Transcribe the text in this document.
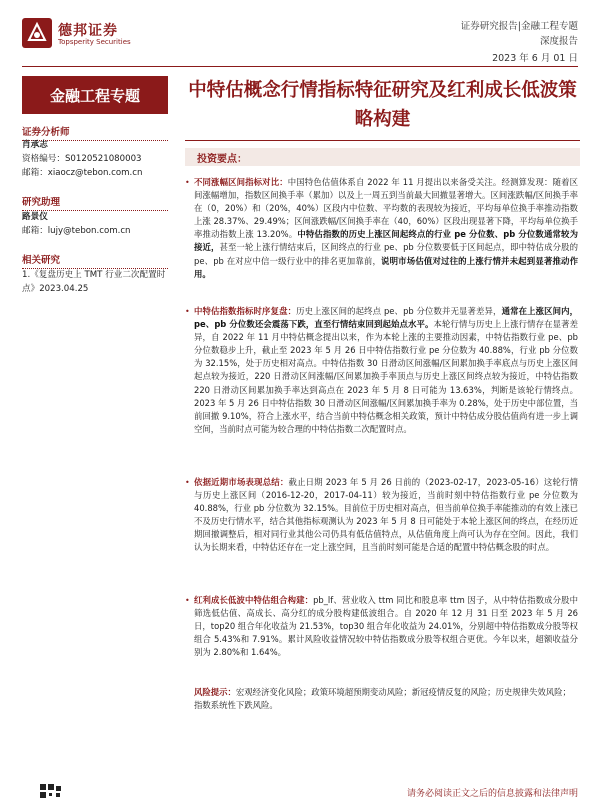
德邦证券
Topsperity Securities
证券研究报告|金融工程专题
深度报告
2023 年 6 月 01 日
金融工程专题
证券分析师
肖承志
资格编号：S0120521080003
邮箱：xiaocz@tebon.com.cn
研究助理
路景仪
邮箱：lujy@tebon.com.cn
相关研究
1.《复盘历史上 TMT 行业二次配置时点》2023.04.25
中特估概念行情指标特征研究及红利成长低波策略构建
投资要点：
• 不同涨幅区间指标对比：中国特色估值体系自 2022 年 11 月提出以来备受关注。经测算发现：随着区间涨幅增加，指数区间换手率（累加）以及上一周五到当前最大回撤显著增大。区间涨跌幅/区间换手率在（0，20%）和（20%，40%）区段内中位数、平均数的表现较为接近，平均每单位换手率推动指数上涨 28.37%、29.49%；区间涨跌幅/区间换手率在（40，60%）区段出现显著下降，平均每单位换手率推动指数上涨 13.20%。中特估指数的历史上涨区间起终点的行业 pe 分位数、pb 分位数通常较为接近，甚至一轮上涨行情结束后，区间终点的行业 pe、pb 分位数要低于区间起点，即中特估成分股的 pe、pb 在对应中信一级行业中的排名更加靠前，说明市场估值对过往的上涨行情并未起到显著推动作用。
• 中特估指数指标时序复盘：历史上涨区间的起终点 pe、pb 分位数并无显著差异，通常在上涨区间内，pe、pb 分位数还会震荡下跌，直至行情结束回到起始点水平。本轮行情与历史上上涨行情存在显著差异，自 2022 年 11 月中特估概念提出以来，作为本轮上涨的主要推动因素，中特估指数行业 pe、pb 分位数稳步上升，截止至 2023 年 5 月 26 日中特估指数行业 pe 分位数为 40.88%，行业 pb 分位数为 32.15%，处于历史相对高点。中特估指数 30 日滑动区间涨幅/区间累加换手率底点与历史上涨区间起点较为接近，220 日滑动区间涨幅/区间累加换手率顶点与历史上涨区间终点较为接近，中特估指数 220 日滑动区间累加换手率达到高点在 2023 年 5 月 8 日可能为 13.63%，判断是该轮行情终点。2023 年 5 月 26 日中特估指数 30 日滑动区间涨幅/区间累加换手率为 0.28%，处于历史中部位置，当前回撤 9.10%，符合上涨水平，结合当前中特估概念相关政策，预计中特估成分股估值尚有进一步上调空间，当前时点可能为较合理的中特估指数二次配置时点。
• 依据近期市场表现总结：截止日期 2023 年 5 月 26 日前的（2023-02-17，2023-05-16）这轮行情与历史上涨区间（2016-12-20，2017-04-11）较为接近，当前时刻中特估指数行业 pe 分位数为 40.88%，行业 pb 分位数为 32.15%。目前位于历史相对高点，但当前单位换手率能推动的有效上涨已不及历史行情水平，结合其他指标观测认为 2023 年 5 月 8 日可能处于本轮上涨区间的终点，在经历近期回撤调整后，相对同行业其他公司仍具有低估值特点，从估值角度上尚可认为存在空间。因此，我们认为长期来看，中特估还存在一定上涨空间，且当前时刻可能是合适的配置中特估概念股的时点。
• 红利成长低波中特估组合构建：pb_lf、营业收入 ttm 同比和股息率 ttm 因子，从中特估指数成分股中筛选低估值、高成长、高分红的成分股构建低波组合。自 2020 年 12 月 31 日至 2023 年 5 月 26 日，top20 组合年化收益为 21.53%，top30 组合年化收益为 24.01%，分别超中特估指数成分股等权组合 5.43%和 7.91%。累计风险收益情况较中特估指数成分股等权组合更优。今年以来，超额收益分别为 2.80%和 1.64%。
风险提示：宏观经济变化风险；政策环境超预期变动风险；新冠疫情反复的风险；历史规律失效风险；指数系统性下跌风险。
请务必阅读正文之后的信息披露和法律声明
